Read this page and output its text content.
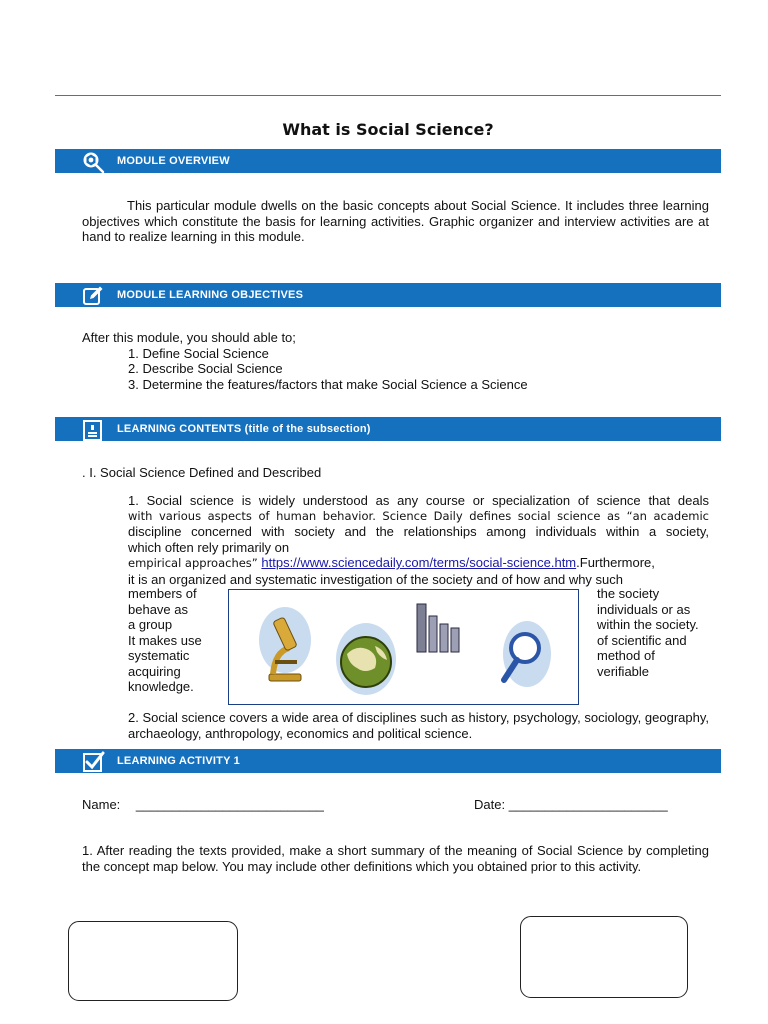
What is Social Science?
MODULE OVERVIEW
This particular module dwells on the basic concepts about Social Science. It includes three learning objectives which constitute the basis for learning activities. Graphic organizer and interview activities are at hand to realize learning in this module.
MODULE LEARNING OBJECTIVES
After this module, you should able to;
1. Define Social Science
2. Describe Social Science
3. Determine the features/factors that make Social Science a Science
LEARNING CONTENTS (title of the subsection)
. I. Social Science Defined and Described
1. Social science is widely understood as any course or specialization of science that deals
with various aspects of human behavior. Science Daily defines social science as “an academic
discipline concerned with society and the relationships among individuals within a society,
which often rely primarily on
empirical approaches” https://www.sciencedaily.com/terms/social-science.htm.Furthermore,
it is an organized and systematic investigation of the society and of how and why such
members of
behave as
a group
It makes use
systematic
acquiring
knowledge.
the society
individuals or as
within the society.
of scientific and
method of
verifiable
2. Social science covers a wide area of disciplines such as history, psychology, sociology, geography, archaeology, anthropology, economics and political science.
LEARNING ACTIVITY 1
Name: __________________________	Date: ______________________
1. After reading the texts provided, make a short summary of the meaning of Social Science by completing the concept map below. You may include other definitions which you obtained prior to this activity.
